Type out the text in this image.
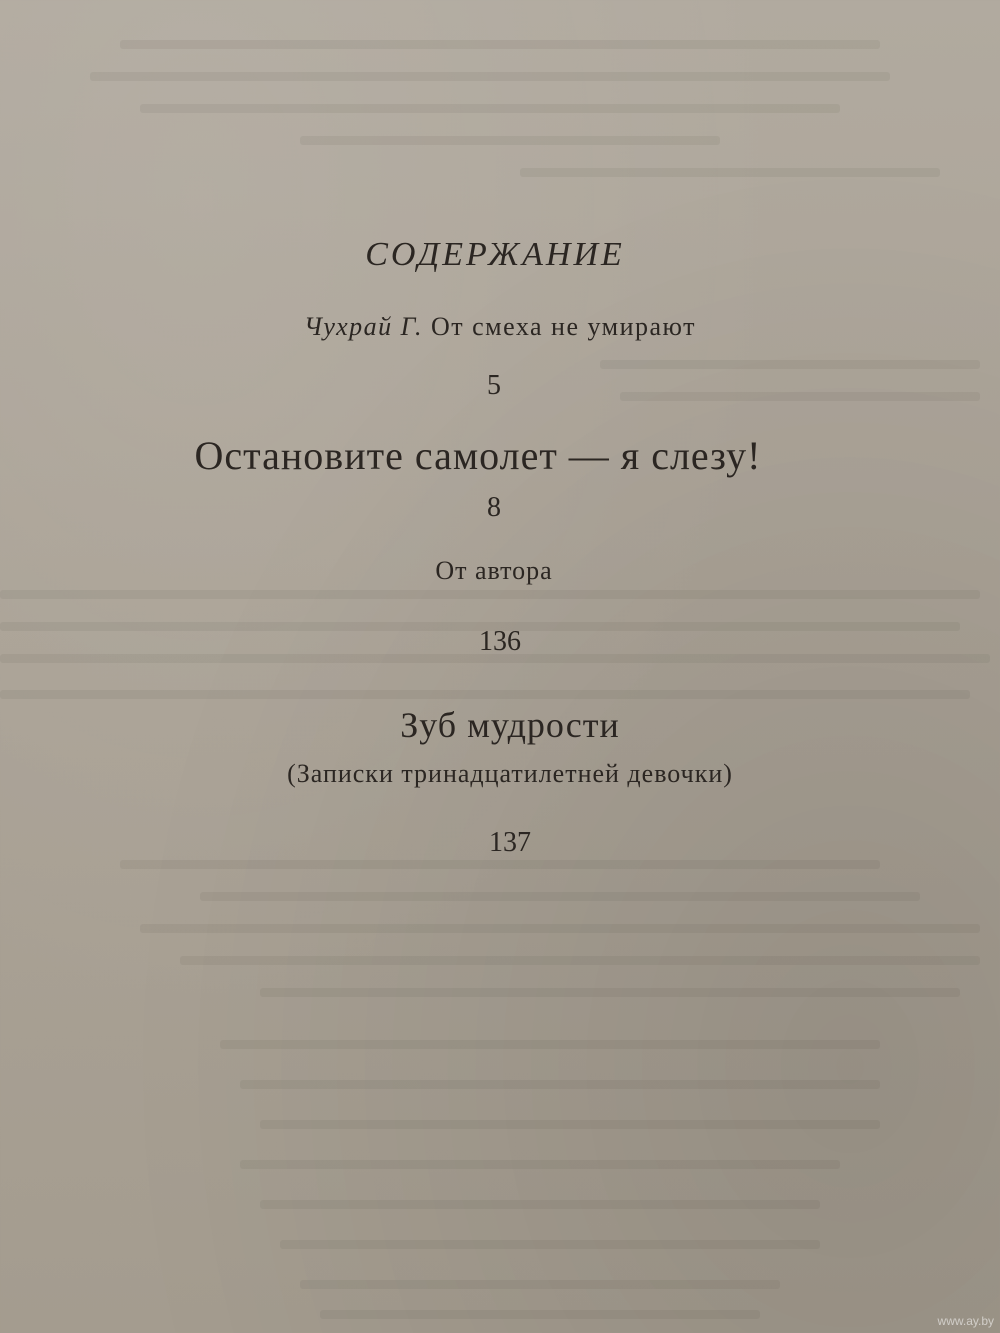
СОДЕРЖАНИЕ
Чухрай Г. От смеха не умирают
5
Остановите самолет — я слезу!
8
От автора
136
Зуб мудрости
(Записки тринадцатилетней девочки)
137
www.ay.by
